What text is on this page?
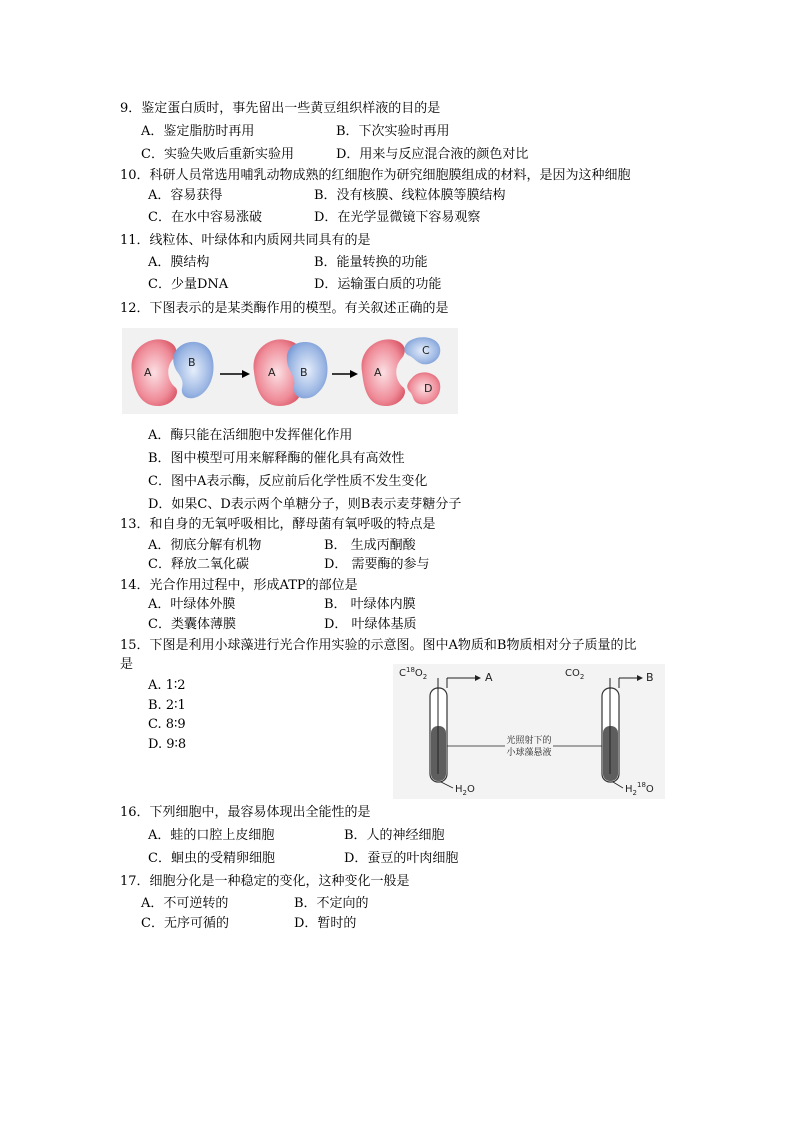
9．鉴定蛋白质时，事先留出一些黄豆组织样液的目的是
A．鉴定脂肪时再用	B．下次实验时再用
C．实验失败后重新实验用	D．用来与反应混合液的颜色对比
10．科研人员常选用哺乳动物成熟的红细胞作为研究细胞膜组成的材料，是因为这种细胞
A．容易获得	B．没有核膜、线粒体膜等膜结构
C．在水中容易涨破	D．在光学显微镜下容易观察
11．线粒体、叶绿体和内质网共同具有的是
A．膜结构	B．能量转换的功能
C．少量DNA	D．运输蛋白质的功能
12．下图表示的是某类酶作用的模型。有关叙述正确的是
A
B
A B	A
C
D
A．酶只能在活细胞中发挥催化作用
B．图中模型可用来解释酶的催化具有高效性
C．图中A表示酶，反应前后化学性质不发生变化
D．如果C、D表示两个单糖分子，则B表示麦芽糖分子
13．和自身的无氧呼吸相比，酵母菌有氧呼吸的特点是
A．彻底分解有机物	B． 生成丙酮酸
C．释放二氧化碳	D． 需要酶的参与
14．光合作用过程中，形成ATP的部位是
A．叶绿体外膜	B． 叶绿体内膜
C．类囊体薄膜	D． 叶绿体基质
15．下图是利用小球藻进行光合作用实验的示意图。图中A物质和B物质相对分子质量的比
是
A. 1∶2
B. 2∶1
C. 8∶9
D. 9∶8
$C^{18}O_2$	A
$H_2O$
$CO_2$	B
$H_2^{18}O$
光照射下的
小球藻悬液
16．下列细胞中，最容易体现出全能性的是
A．蛙的口腔上皮细胞	B．人的神经细胞
C．蛔虫的受精卵细胞	D．蚕豆的叶肉细胞
17．细胞分化是一种稳定的变化，这种变化一般是
A．不可逆转的	B．不定向的
C．无序可循的	D．暂时的
